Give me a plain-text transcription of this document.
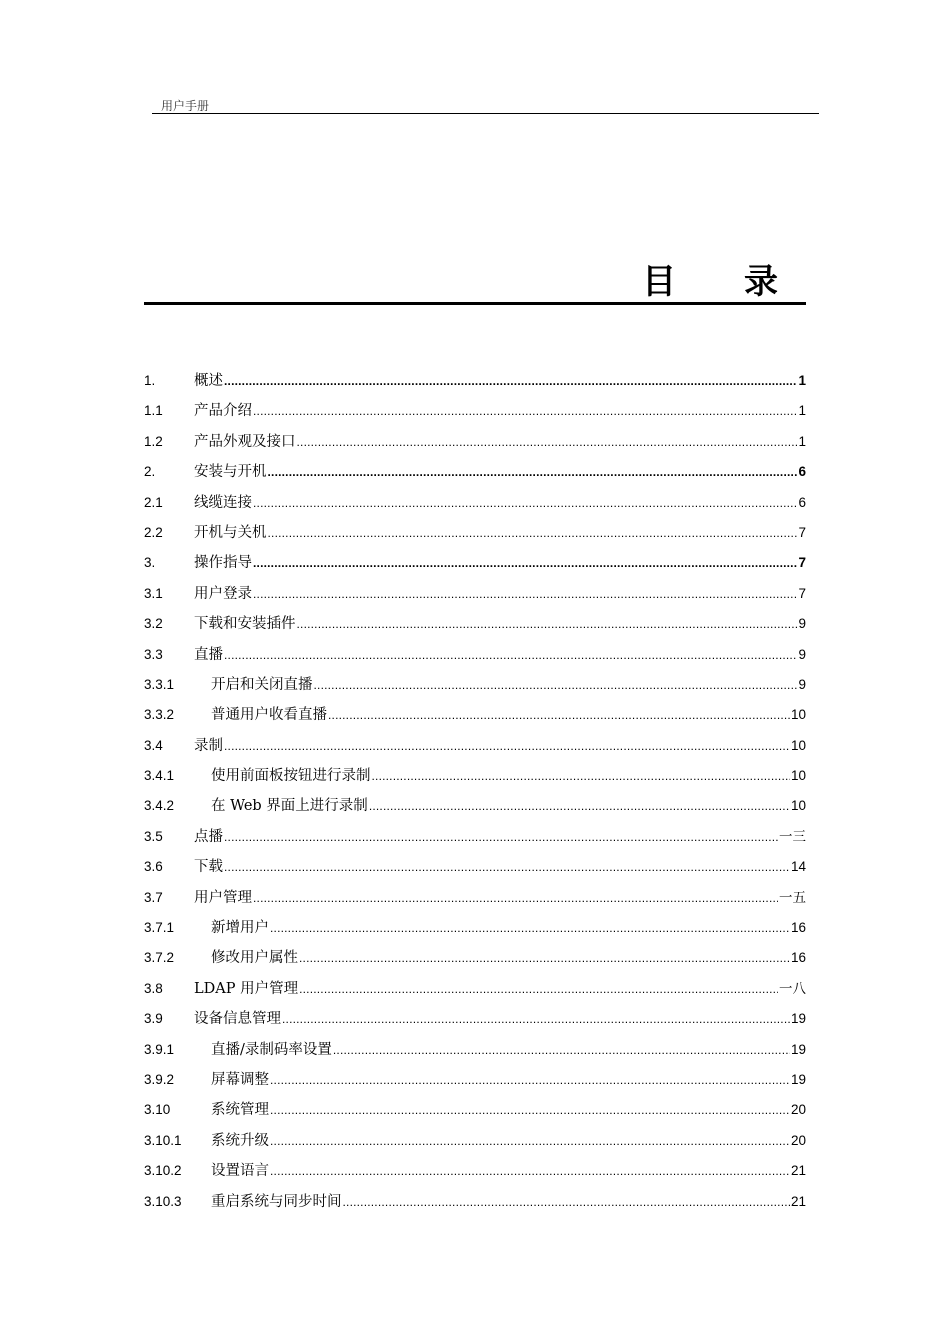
用户手册
目 录
1.	概述 .....	1
1.1	产品介绍 .....	1
1.2	产品外观及接口 .....	1
2.	安装与开机 .....	6
2.1	线缆连接 .....	6
2.2	开机与关机 .....	7
3.	操作指导 .....	7
3.1	用户登录 .....	7
3.2	下载和安装插件 .....	9
3.3	直播 .....	9
3.3.1	开启和关闭直播 .....	9
3.3.2	普通用户收看直播 .....	10
3.4	录制 .....	10
3.4.1	使用前面板按钮进行录制 .....	10
3.4.2	在 Web 界面上进行录制 .....	10
3.5	点播 .....	一三
3.6	下载 .....	14
3.7	用户管理 .....	一五
3.7.1	新增用户 .....	16
3.7.2	修改用户属性 .....	16
3.8	LDAP 用户管理 .....	一八
3.9	设备信息管理 .....	19
3.9.1	直播/录制码率设置 .....	19
3.9.2	屏幕调整 .....	19
3.10	系统管理 .....	20
3.10.1	系统升级 .....	20
3.10.2	设置语言 .....	21
3.10.3	重启系统与同步时间 .....	21
